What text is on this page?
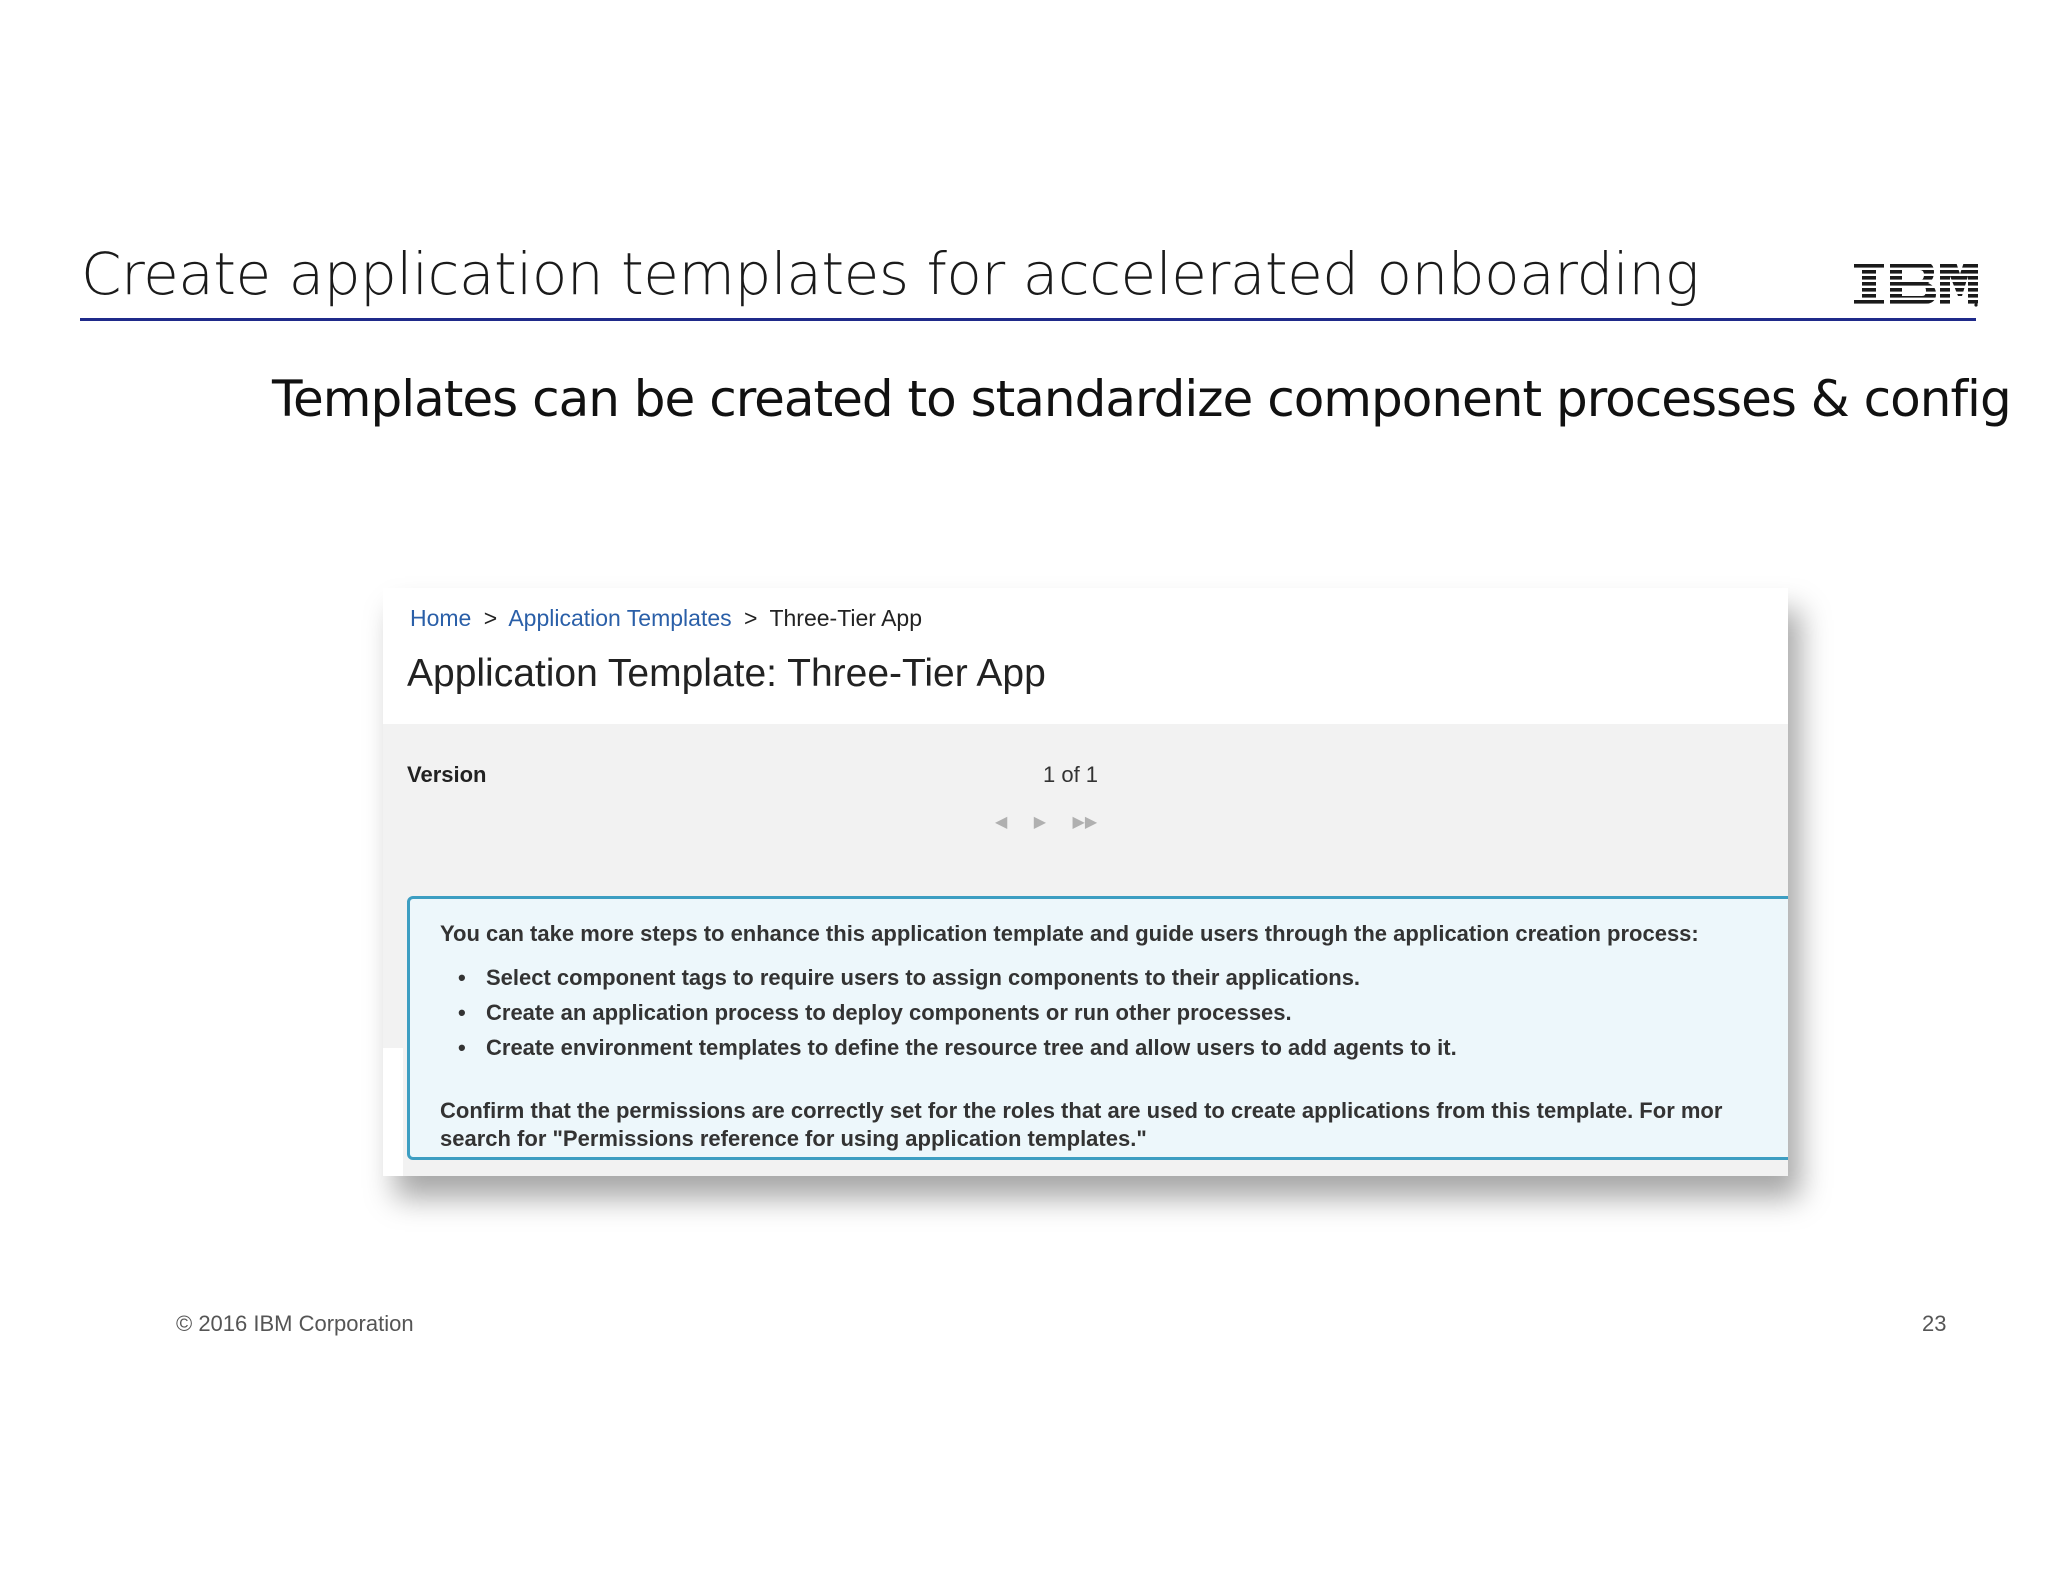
Create application templates for accelerated onboarding
Templates can be created to standardize component processes & config
Home > Application Templates > Three-Tier App
Application Template: Three-Tier App
Version	1 of 1
◀ ▶ ▶▶
You can take more steps to enhance this application template and guide users through the application creation process:
• Select component tags to require users to assign components to their applications.
• Create an application process to deploy components or run other processes.
• Create environment templates to define the resource tree and allow users to add agents to it.
Confirm that the permissions are correctly set for the roles that are used to create applications from this template. For mor
search for "Permissions reference for using application templates."
© 2016 IBM Corporation	23
